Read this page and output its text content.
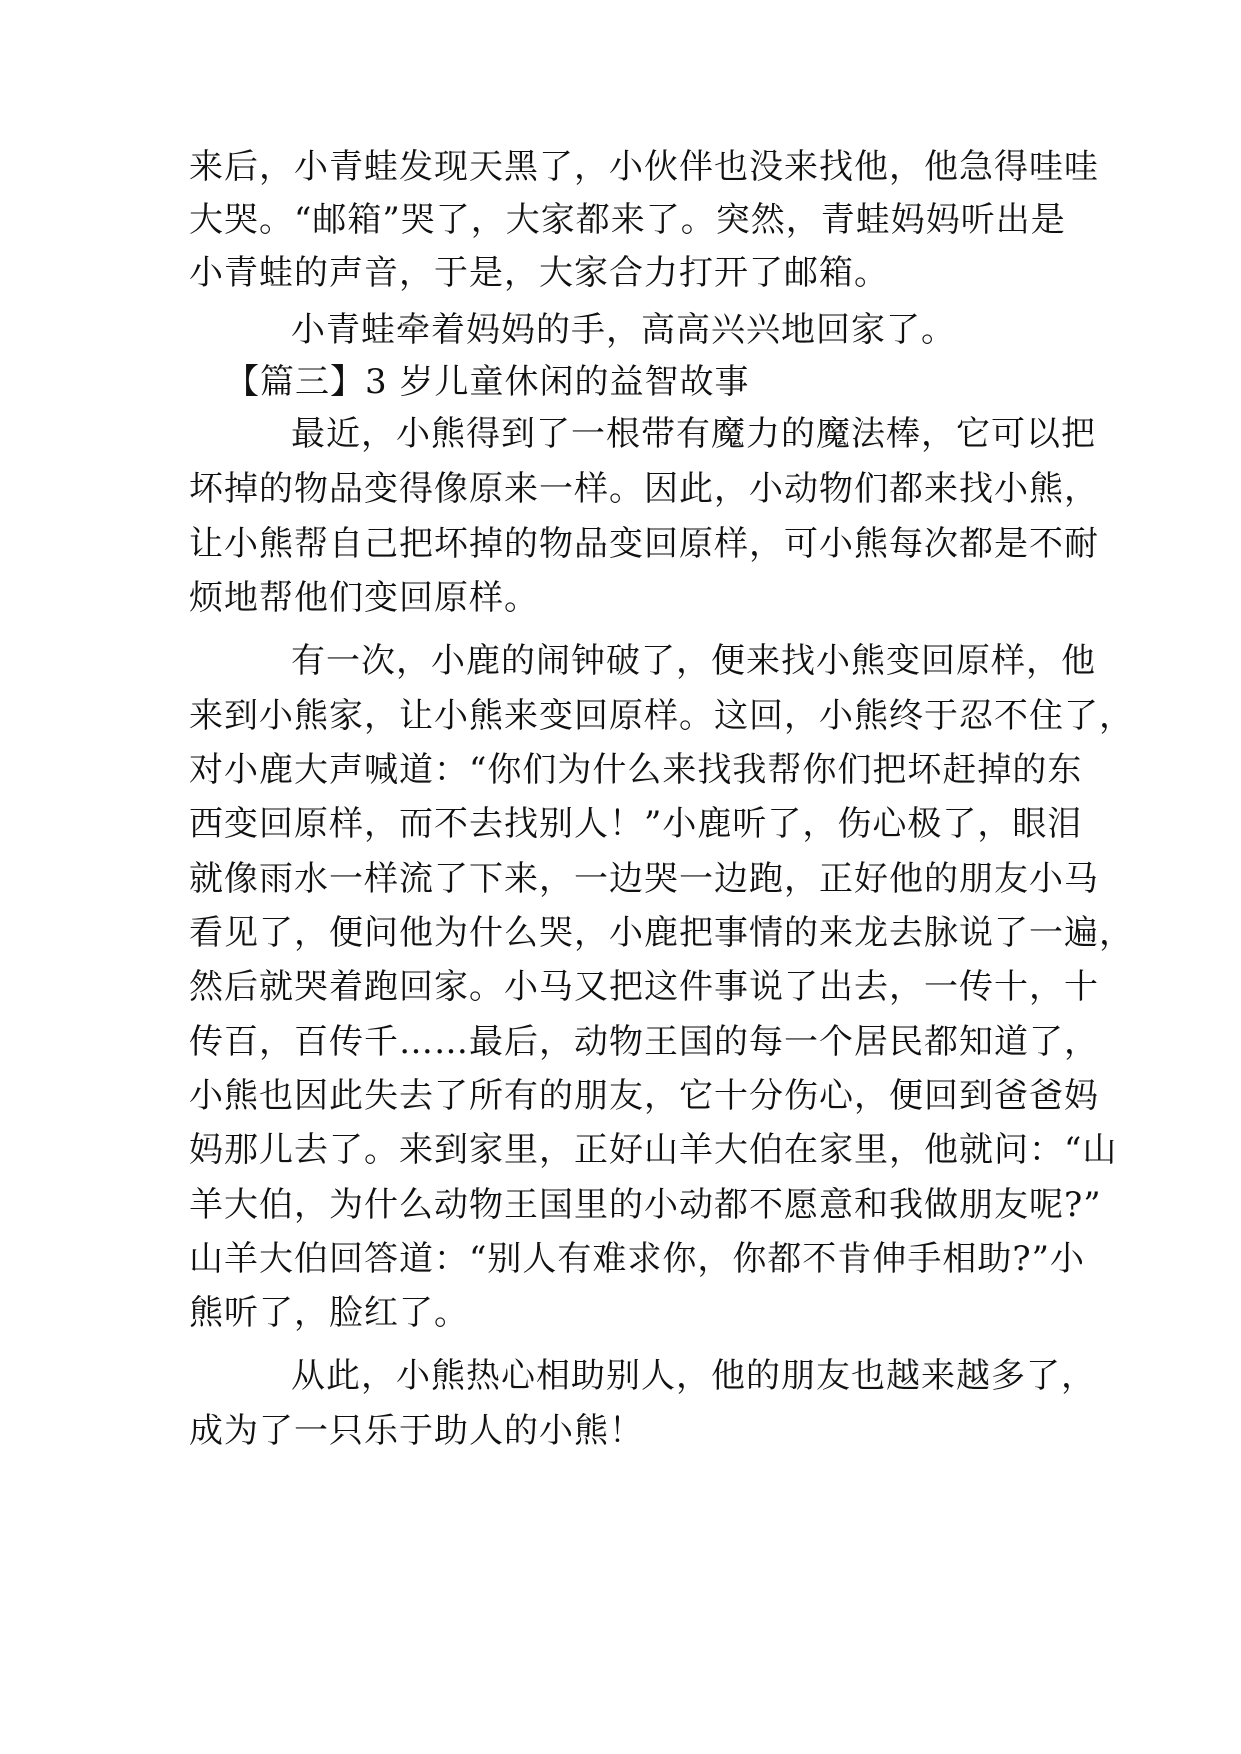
来后，小青蛙发现天黑了，小伙伴也没来找他，他急得哇哇
大哭。“邮箱”哭了，大家都来了。突然，青蛙妈妈听出是
小青蛙的声音，于是，大家合力打开了邮箱。
小青蛙牵着妈妈的手，高高兴兴地回家了。
【篇三】3 岁儿童休闲的益智故事
最近，小熊得到了一根带有魔力的魔法棒，它可以把
坏掉的物品变得像原来一样。因此，小动物们都来找小熊，
让小熊帮自己把坏掉的物品变回原样，可小熊每次都是不耐
烦地帮他们变回原样。
有一次，小鹿的闹钟破了，便来找小熊变回原样，他
来到小熊家，让小熊来变回原样。这回，小熊终于忍不住了，
对小鹿大声喊道：“你们为什么来找我帮你们把坏赶掉的东
西变回原样，而不去找别人！”小鹿听了，伤心极了，眼泪
就像雨水一样流了下来，一边哭一边跑，正好他的朋友小马
看见了，便问他为什么哭，小鹿把事情的来龙去脉说了一遍，
然后就哭着跑回家。小马又把这件事说了出去，一传十，十
传百，百传千……最后，动物王国的每一个居民都知道了，
小熊也因此失去了所有的朋友，它十分伤心，便回到爸爸妈
妈那儿去了。来到家里，正好山羊大伯在家里，他就问：“山
羊大伯，为什么动物王国里的小动都不愿意和我做朋友呢?”
山羊大伯回答道：“别人有难求你，你都不肯伸手相助?”小
熊听了，脸红了。
从此，小熊热心相助别人，他的朋友也越来越多了，
成为了一只乐于助人的小熊！
